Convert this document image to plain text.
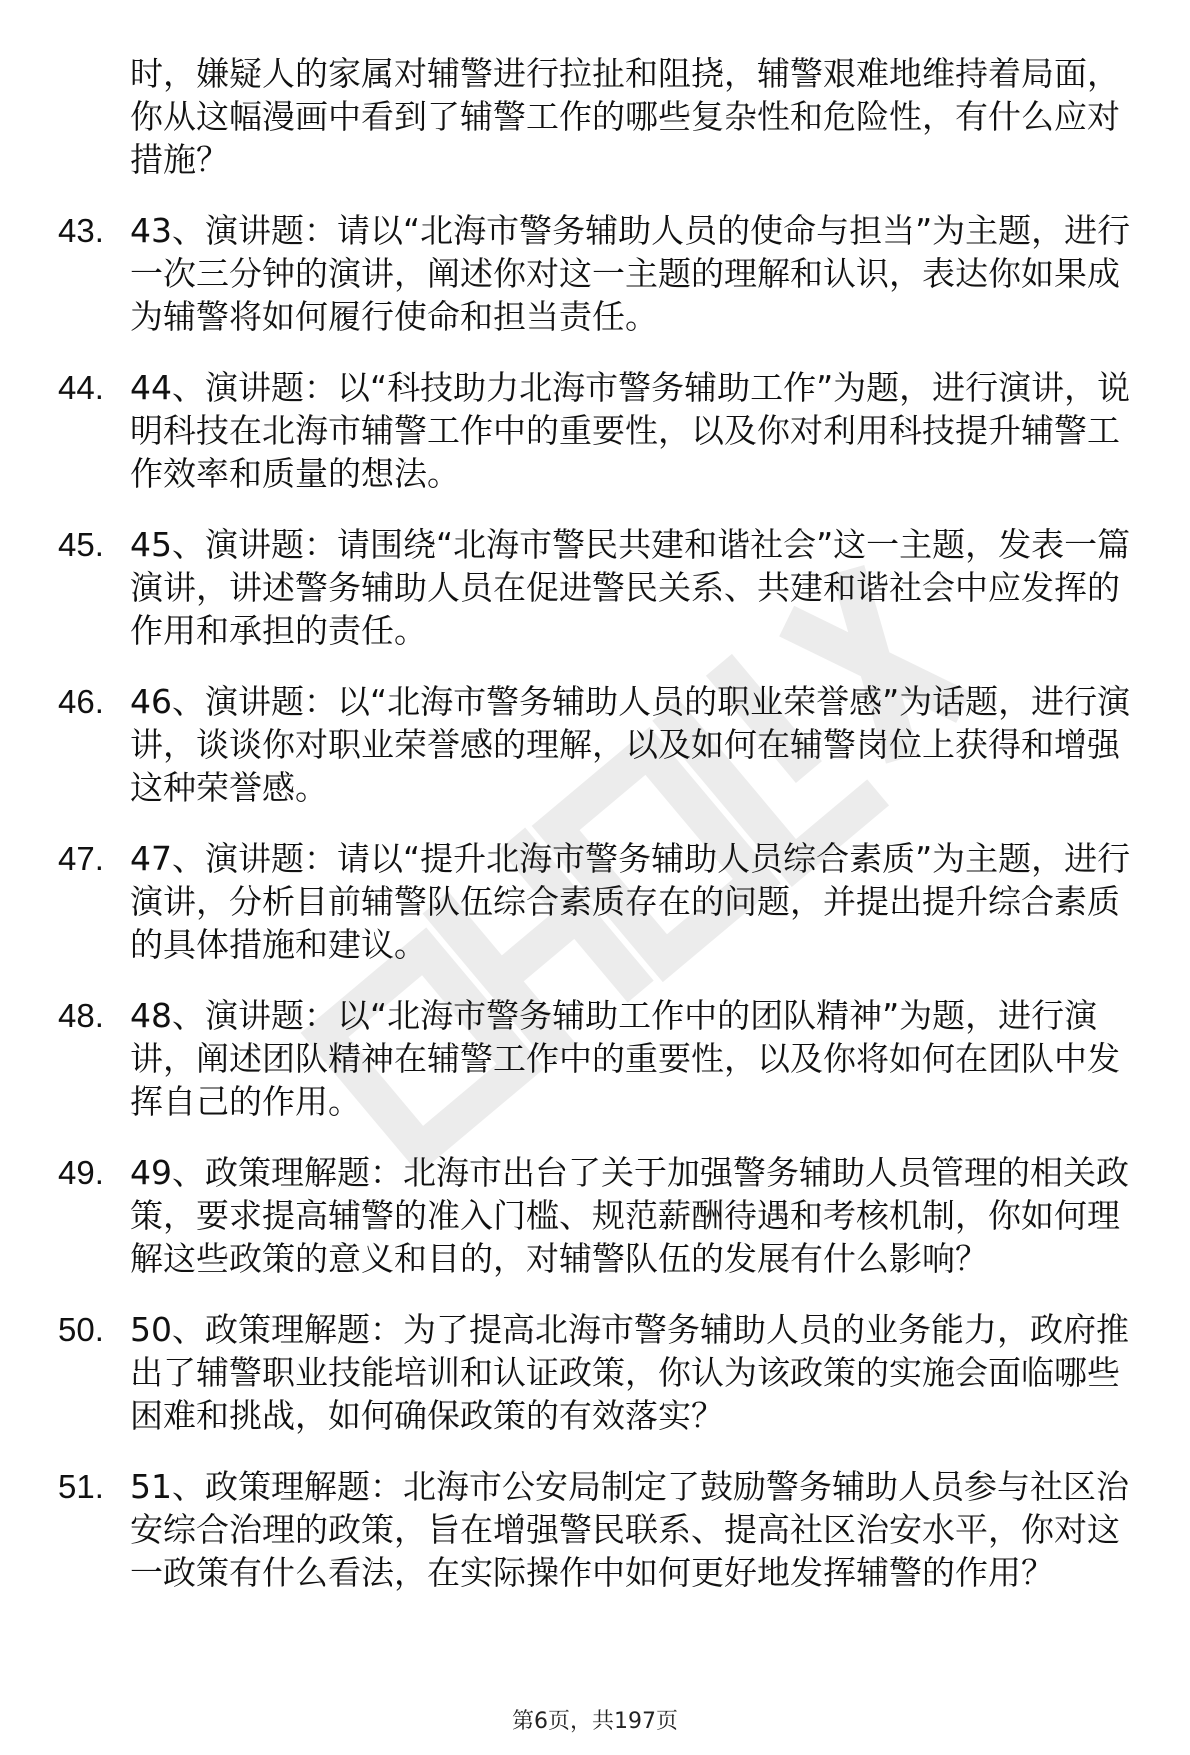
时，嫌疑人的家属对辅警进行拉扯和阻挠，辅警艰难地维持着局面，你从这幅漫画中看到了辅警工作的哪些复杂性和危险性，有什么应对措施？
43. 43、演讲题：请以“北海市警务辅助人员的使命与担当”为主题，进行一次三分钟的演讲，阐述你对这一主题的理解和认识，表达你如果成为辅警将如何履行使命和担当责任。
44. 44、演讲题：以“科技助力北海市警务辅助工作”为题，进行演讲，说明科技在北海市辅警工作中的重要性，以及你对利用科技提升辅警工作效率和质量的想法。
45. 45、演讲题：请围绕“北海市警民共建和谐社会”这一主题，发表一篇演讲，讲述警务辅助人员在促进警民关系、共建和谐社会中应发挥的作用和承担的责任。
46. 46、演讲题：以“北海市警务辅助人员的职业荣誉感”为话题，进行演讲，谈谈你对职业荣誉感的理解，以及如何在辅警岗位上获得和增强这种荣誉感。
47. 47、演讲题：请以“提升北海市警务辅助人员综合素质”为主题，进行演讲，分析目前辅警队伍综合素质存在的问题，并提出提升综合素质的具体措施和建议。
48. 48、演讲题：以“北海市警务辅助工作中的团队精神”为题，进行演讲，阐述团队精神在辅警工作中的重要性，以及你将如何在团队中发挥自己的作用。
49. 49、政策理解题：北海市出台了关于加强警务辅助人员管理的相关政策，要求提高辅警的准入门槛、规范薪酬待遇和考核机制，你如何理解这些政策的意义和目的，对辅警队伍的发展有什么影响？
50. 50、政策理解题：为了提高北海市警务辅助人员的业务能力，政府推出了辅警职业技能培训和认证政策，你认为该政策的实施会面临哪些困难和挑战，如何确保政策的有效落实？
51. 51、政策理解题：北海市公安局制定了鼓励警务辅助人员参与社区治安综合治理的政策，旨在增强警民联系、提高社区治安水平，你对这一政策有什么看法，在实际操作中如何更好地发挥辅警的作用？
第6页，共197页
